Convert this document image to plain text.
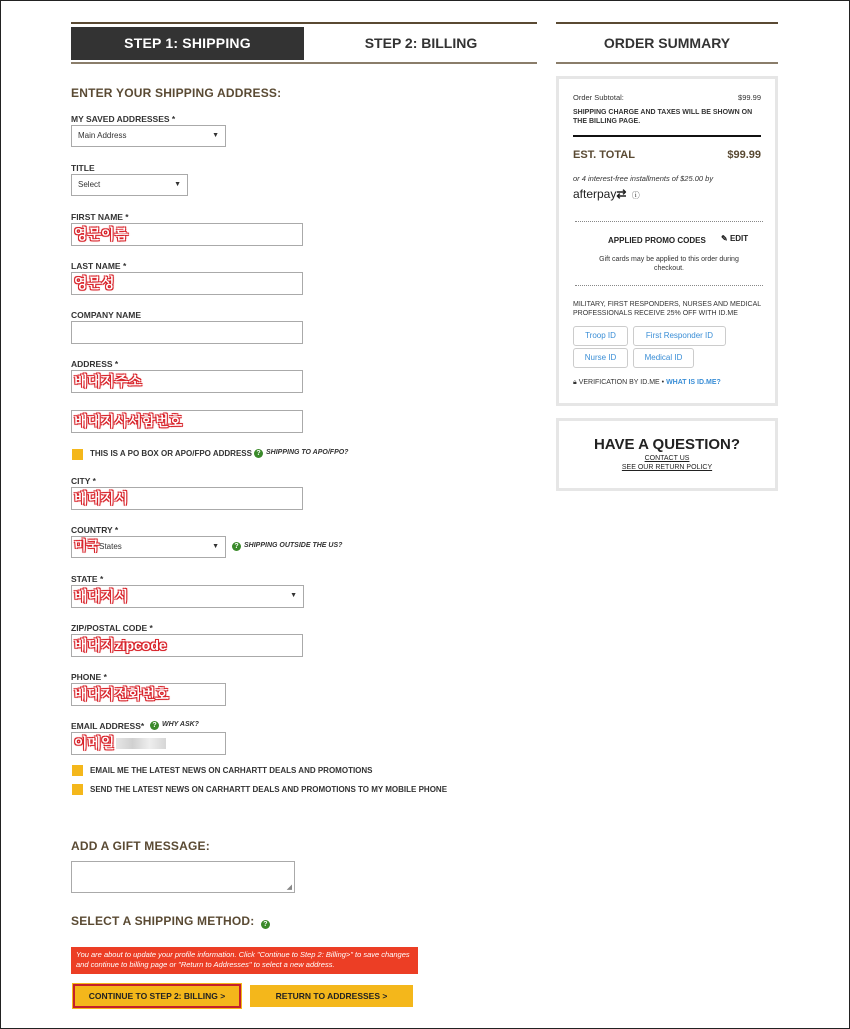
STEP 1: SHIPPING	STEP 2: BILLING	ORDER SUMMARY
ENTER YOUR SHIPPING ADDRESS:
MY SAVED ADDRESSES *
Main Address	▼
TITLE
Select	▼
FIRST NAME *
영문이름
LAST NAME *
영문성
COMPANY NAME
ADDRESS *
배대지주소
배대지사서함번호
THIS IS A PO BOX OR APO/FPO ADDRESS ? SHIPPING TO APO/FPO?
CITY *
배대지시
COUNTRY *
미국States	▼	? SHIPPING OUTSIDE THE US?
STATE *
배대지시	▼
ZIP/POSTAL CODE *
배대지zipcode
PHONE *
배대지전화번호
EMAIL ADDRESS*	? WHY ASK?
이메일
EMAIL ME THE LATEST NEWS ON CARHARTT DEALS AND PROMOTIONS
SEND THE LATEST NEWS ON CARHARTT DEALS AND PROMOTIONS TO MY MOBILE PHONE
ADD A GIFT MESSAGE:
◢
SELECT A SHIPPING METHOD: ?
You are about to update your profile information. Click "Continue to Step 2: Billing>" to save changes and continue to billing page or "Return to Addresses" to select a new address.
CONTINUE TO STEP 2: BILLING >	RETURN TO ADDRESSES >
Order Subtotal:	$99.99
SHIPPING CHARGE AND TAXES WILL BE SHOWN ON THE BILLING PAGE.
EST. TOTAL	$99.99
or 4 interest-free installments of $25.00 by
afterpay⇄ ⓘ
APPLIED PROMO CODES ✎ EDIT
Gift cards may be applied to this order during checkout.
MILITARY, FIRST RESPONDERS, NURSES AND MEDICAL PROFESSIONALS RECEIVE 25% OFF WITH ID.ME
Troop ID	First Responder ID
Nurse ID	Medical ID
🔒︎ VERIFICATION BY ID.ME • WHAT IS ID.ME?
HAVE A QUESTION?
CONTACT US
SEE OUR RETURN POLICY
